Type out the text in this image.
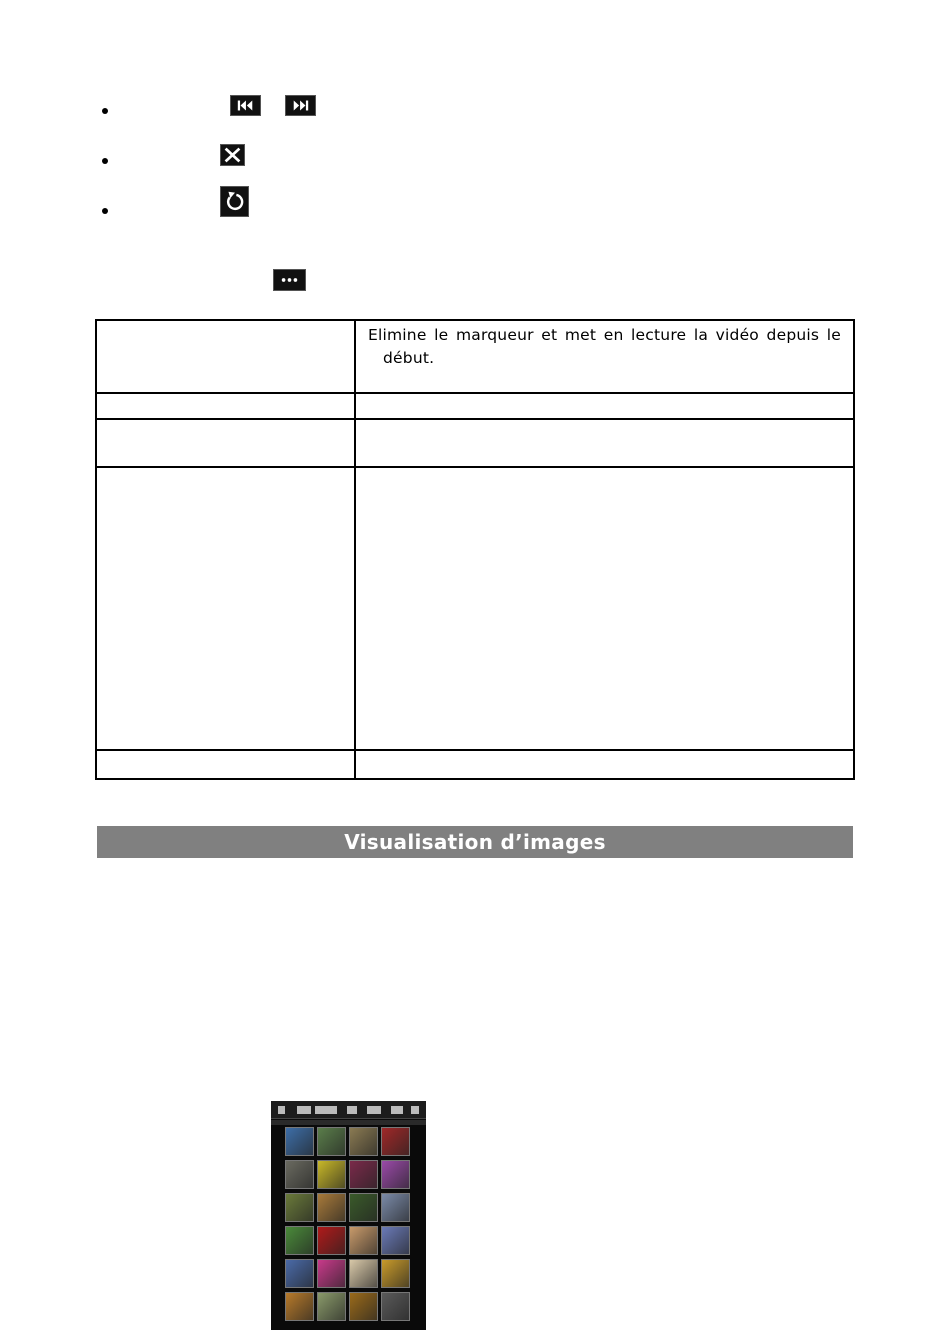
Elimine le marqueur et met en lecture la vidéo depuis le
début.
Visualisation d’images
